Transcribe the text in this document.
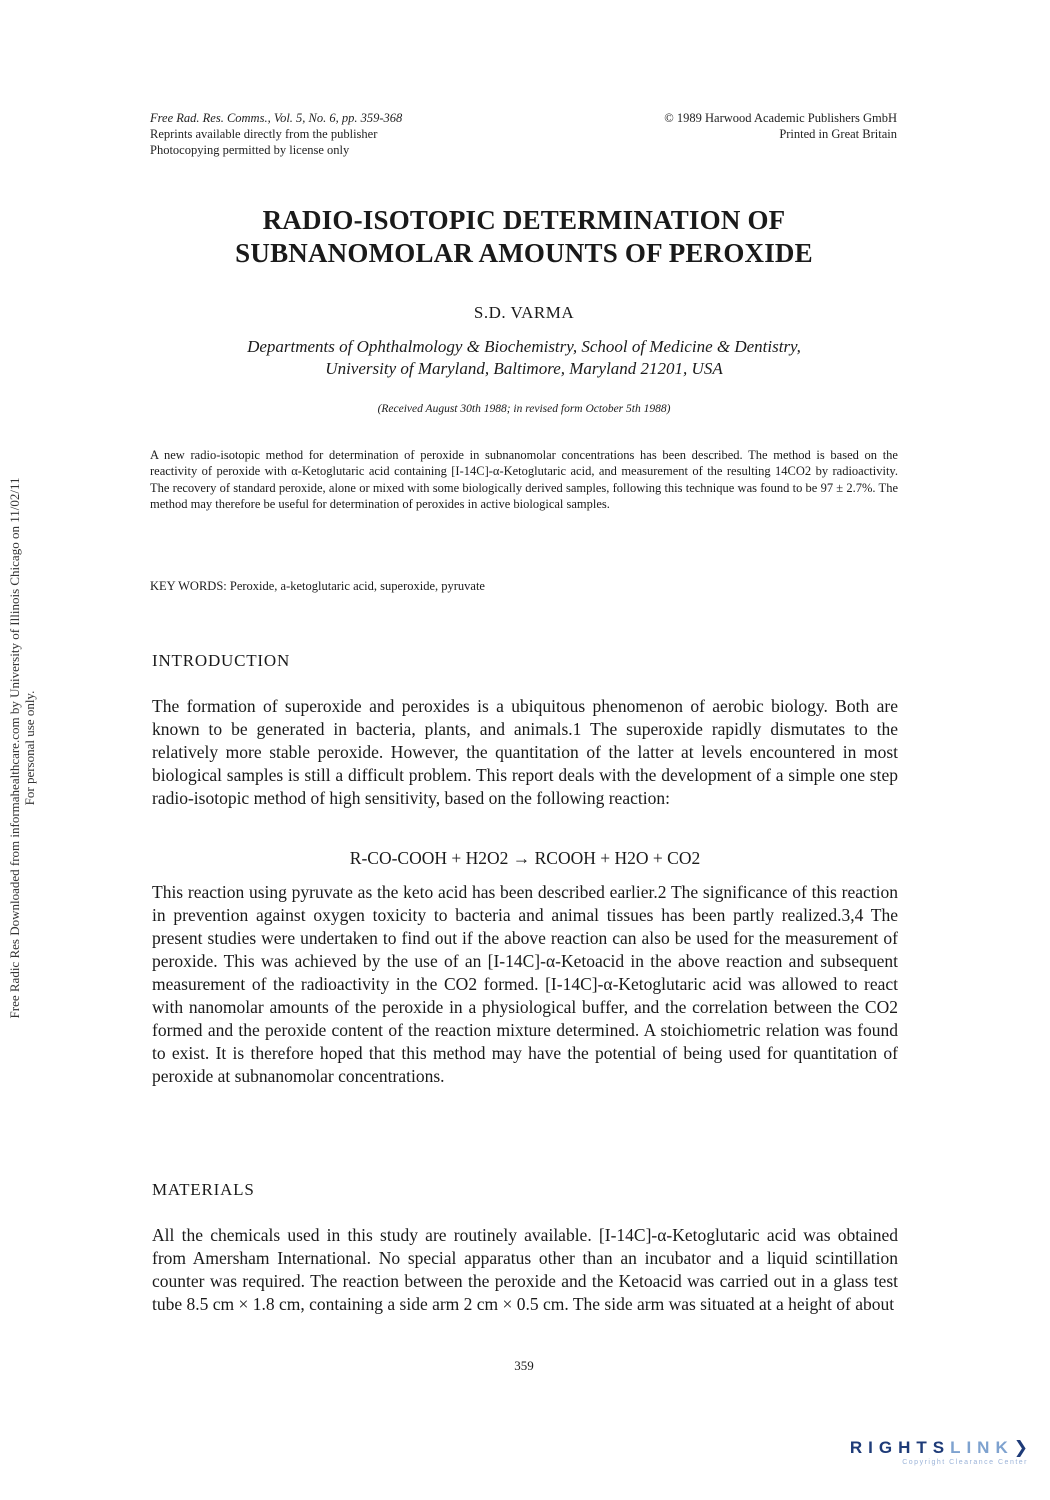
Free Rad. Res. Comms., Vol. 5, No. 6, pp. 359-368
Reprints available directly from the publisher
Photocopying permitted by license only
© 1989 Harwood Academic Publishers GmbH
Printed in Great Britain
RADIO-ISOTOPIC DETERMINATION OF
SUBNANOMOLAR AMOUNTS OF PEROXIDE
S.D. VARMA
Departments of Ophthalmology & Biochemistry, School of Medicine & Dentistry,
University of Maryland, Baltimore, Maryland 21201, USA
(Received August 30th 1988; in revised form October 5th 1988)
A new radio-isotopic method for determination of peroxide in subnanomolar concentrations has been described. The method is based on the reactivity of peroxide with α-Ketoglutaric acid containing [I-14C]-α-Ketoglutaric acid, and measurement of the resulting 14CO2 by radioactivity. The recovery of standard peroxide, alone or mixed with some biologically derived samples, following this technique was found to be 97 ± 2.7%. The method may therefore be useful for determination of peroxides in active biological samples.
KEY WORDS: Peroxide, a-ketoglutaric acid, superoxide, pyruvate
INTRODUCTION
The formation of superoxide and peroxides is a ubiquitous phenomenon of aerobic biology. Both are known to be generated in bacteria, plants, and animals.1 The superoxide rapidly dismutates to the relatively more stable peroxide. However, the quantitation of the latter at levels encountered in most biological samples is still a difficult problem. This report deals with the development of a simple one step radio-isotopic method of high sensitivity, based on the following reaction:
R-CO-COOH + H2O2 → RCOOH + H2O + CO2
This reaction using pyruvate as the keto acid has been described earlier.2 The significance of this reaction in prevention against oxygen toxicity to bacteria and animal tissues has been partly realized.3,4 The present studies were undertaken to find out if the above reaction can also be used for the measurement of peroxide. This was achieved by the use of an [I-14C]-α-Ketoacid in the above reaction and subsequent measurement of the radioactivity in the CO2 formed. [I-14C]-α-Ketoglutaric acid was allowed to react with nanomolar amounts of the peroxide in a physiological buffer, and the correlation between the CO2 formed and the peroxide content of the reaction mixture determined. A stoichiometric relation was found to exist. It is therefore hoped that this method may have the potential of being used for quantitation of peroxide at subnanomolar concentrations.
MATERIALS
All the chemicals used in this study are routinely available. [I-14C]-α-Ketoglutaric acid was obtained from Amersham International. No special apparatus other than an incubator and a liquid scintillation counter was required. The reaction between the peroxide and the Ketoacid was carried out in a glass test tube 8.5 cm × 1.8 cm, containing a side arm 2 cm × 0.5 cm. The side arm was situated at a height of about
359
Free Radic Res Downloaded from informahealthcare.com by University of Illinois Chicago on 11/02/11 For personal use only.
RIGHTSLINK❯
Copyright Clearance Center
